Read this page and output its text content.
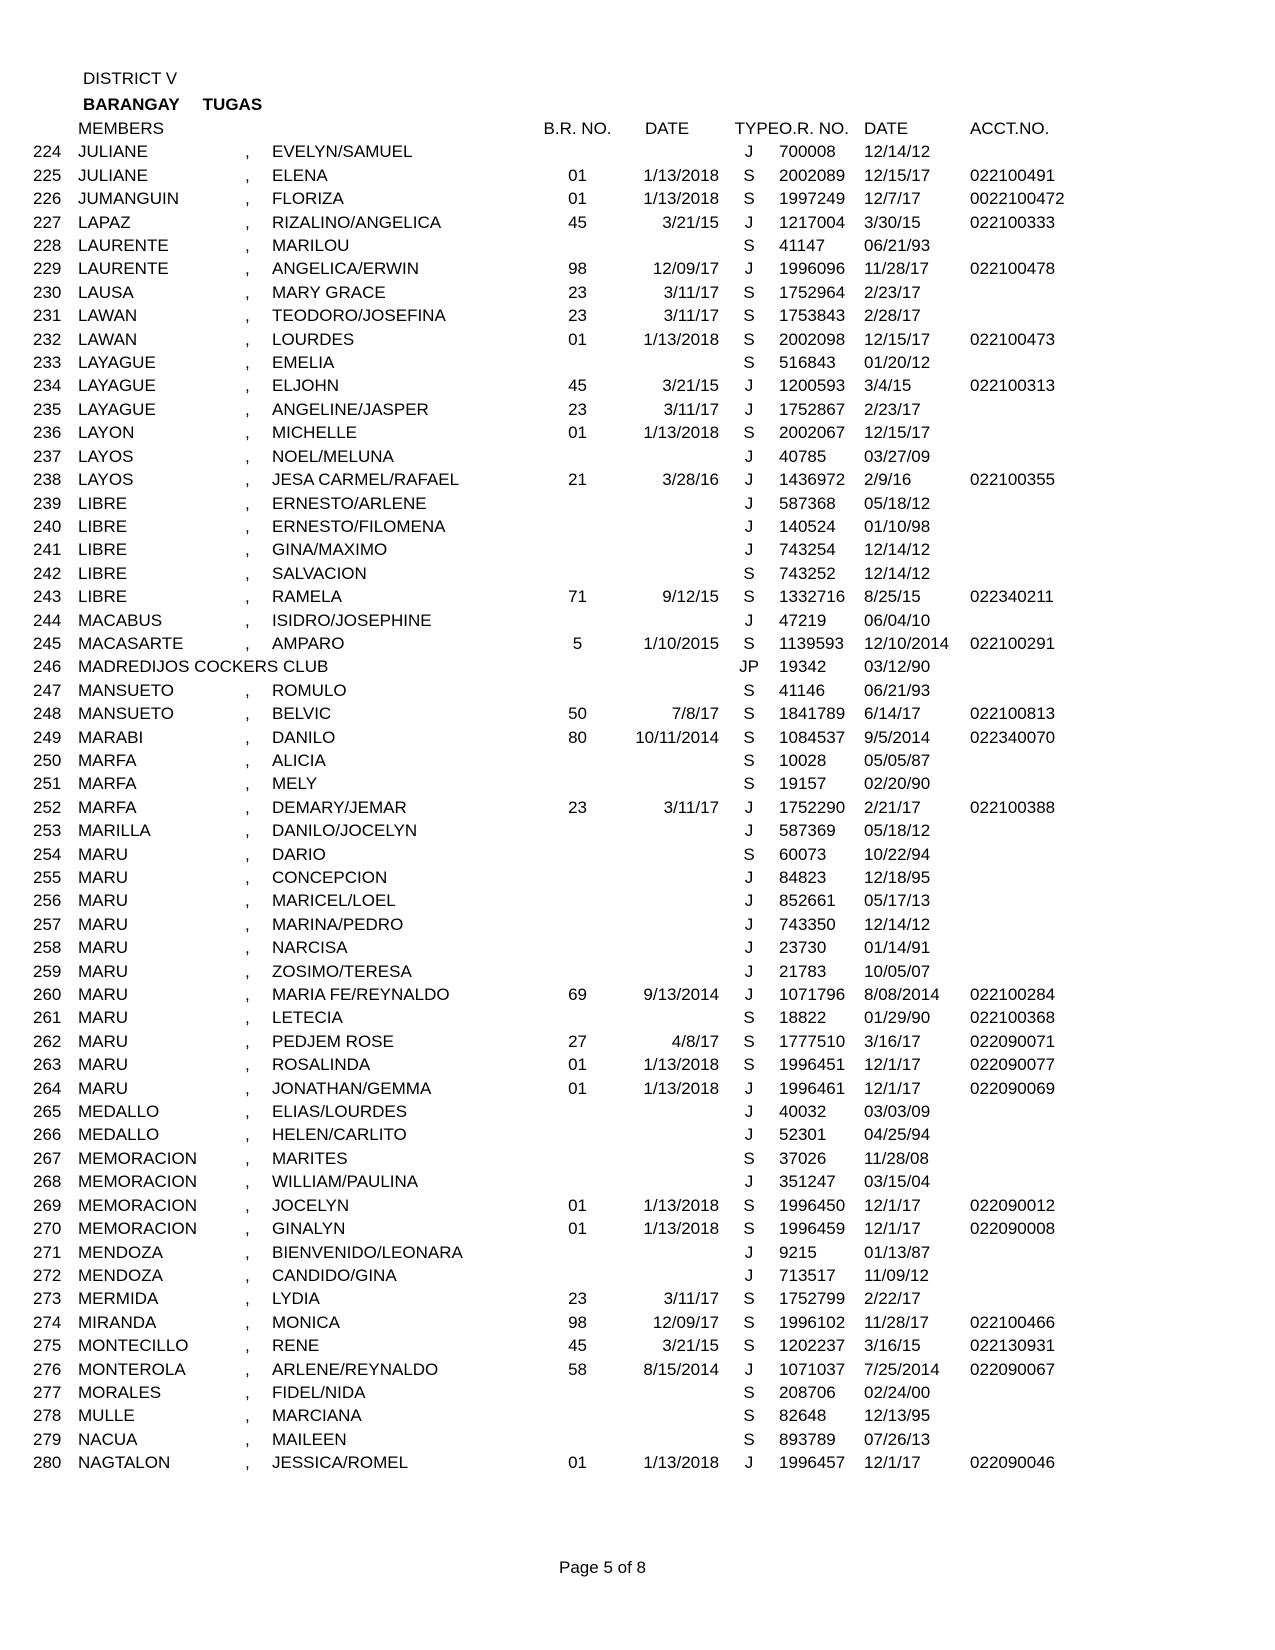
DISTRICT V
BARANGAY TUGAS
	MEMBERS			B.R. NO.	DATE	TYPE	O.R. NO.	DATE	ACCT.NO.
224	JULIANE	,	EVELYN/SAMUEL			J	700008	12/14/12	
225	JULIANE	,	ELENA	01	1/13/2018	S	2002089	12/15/17	022100491
226	JUMANGUIN	,	FLORIZA	01	1/13/2018	S	1997249	12/7/17	0022100472
227	LAPAZ	,	RIZALINO/ANGELICA	45	3/21/15	J	1217004	3/30/15	022100333
228	LAURENTE	,	MARILOU			S	41147	06/21/93	
229	LAURENTE	,	ANGELICA/ERWIN	98	12/09/17	J	1996096	11/28/17	022100478
230	LAUSA	,	MARY GRACE	23	3/11/17	S	1752964	2/23/17	
231	LAWAN	,	TEODORO/JOSEFINA	23	3/11/17	S	1753843	2/28/17	
232	LAWAN	,	LOURDES	01	1/13/2018	S	2002098	12/15/17	022100473
233	LAYAGUE	,	EMELIA			S	516843	01/20/12	
234	LAYAGUE	,	ELJOHN	45	3/21/15	J	1200593	3/4/15	022100313
235	LAYAGUE	,	ANGELINE/JASPER	23	3/11/17	J	1752867	2/23/17	
236	LAYON	,	MICHELLE	01	1/13/2018	S	2002067	12/15/17	
237	LAYOS	,	NOEL/MELUNA			J	40785	03/27/09	
238	LAYOS	,	JESA CARMEL/RAFAEL	21	3/28/16	J	1436972	2/9/16	022100355
239	LIBRE	,	ERNESTO/ARLENE			J	587368	05/18/12	
240	LIBRE	,	ERNESTO/FILOMENA			J	140524	01/10/98	
241	LIBRE	,	GINA/MAXIMO			J	743254	12/14/12	
242	LIBRE	,	SALVACION			S	743252	12/14/12	
243	LIBRE	,	RAMELA	71	9/12/15	S	1332716	8/25/15	022340211
244	MACABUS	,	ISIDRO/JOSEPHINE			J	47219	06/04/10	
245	MACASARTE	,	AMPARO	5	1/10/2015	S	1139593	12/10/2014	022100291
246	MADREDIJOS COCKERS CLUB					JP	19342	03/12/90	
247	MANSUETO	,	ROMULO			S	41146	06/21/93	
248	MANSUETO	,	BELVIC	50	7/8/17	S	1841789	6/14/17	022100813
249	MARABI	,	DANILO	80	10/11/2014	S	1084537	9/5/2014	022340070
250	MARFA	,	ALICIA			S	10028	05/05/87	
251	MARFA	,	MELY			S	19157	02/20/90	
252	MARFA	,	DEMARY/JEMAR	23	3/11/17	J	1752290	2/21/17	022100388
253	MARILLA	,	DANILO/JOCELYN			J	587369	05/18/12	
254	MARU	,	DARIO			S	60073	10/22/94	
255	MARU	,	CONCEPCION			J	84823	12/18/95	
256	MARU	,	MARICEL/LOEL			J	852661	05/17/13	
257	MARU	,	MARINA/PEDRO			J	743350	12/14/12	
258	MARU	,	NARCISA			J	23730	01/14/91	
259	MARU	,	ZOSIMO/TERESA			J	21783	10/05/07	
260	MARU	,	MARIA FE/REYNALDO	69	9/13/2014	J	1071796	8/08/2014	022100284
261	MARU	,	LETECIA			S	18822	01/29/90	022100368
262	MARU	,	PEDJEM ROSE	27	4/8/17	S	1777510	3/16/17	022090071
263	MARU	,	ROSALINDA	01	1/13/2018	S	1996451	12/1/17	022090077
264	MARU	,	JONATHAN/GEMMA	01	1/13/2018	J	1996461	12/1/17	022090069
265	MEDALLO	,	ELIAS/LOURDES			J	40032	03/03/09	
266	MEDALLO	,	HELEN/CARLITO			J	52301	04/25/94	
267	MEMORACION	,	MARITES			S	37026	11/28/08	
268	MEMORACION	,	WILLIAM/PAULINA			J	351247	03/15/04	
269	MEMORACION	,	JOCELYN	01	1/13/2018	S	1996450	12/1/17	022090012
270	MEMORACION	,	GINALYN	01	1/13/2018	S	1996459	12/1/17	022090008
271	MENDOZA	,	BIENVENIDO/LEONARA			J	9215	01/13/87	
272	MENDOZA	,	CANDIDO/GINA			J	713517	11/09/12	
273	MERMIDA	,	LYDIA	23	3/11/17	S	1752799	2/22/17	
274	MIRANDA	,	MONICA	98	12/09/17	S	1996102	11/28/17	022100466
275	MONTECILLO	,	RENE	45	3/21/15	S	1202237	3/16/15	022130931
276	MONTEROLA	,	ARLENE/REYNALDO	58	8/15/2014	J	1071037	7/25/2014	022090067
277	MORALES	,	FIDEL/NIDA			S	208706	02/24/00	
278	MULLE	,	MARCIANA			S	82648	12/13/95	
279	NACUA	,	MAILEEN			S	893789	07/26/13	
280	NAGTALON	,	JESSICA/ROMEL	01	1/13/2018	J	1996457	12/1/17	022090046
Page 5 of 8
